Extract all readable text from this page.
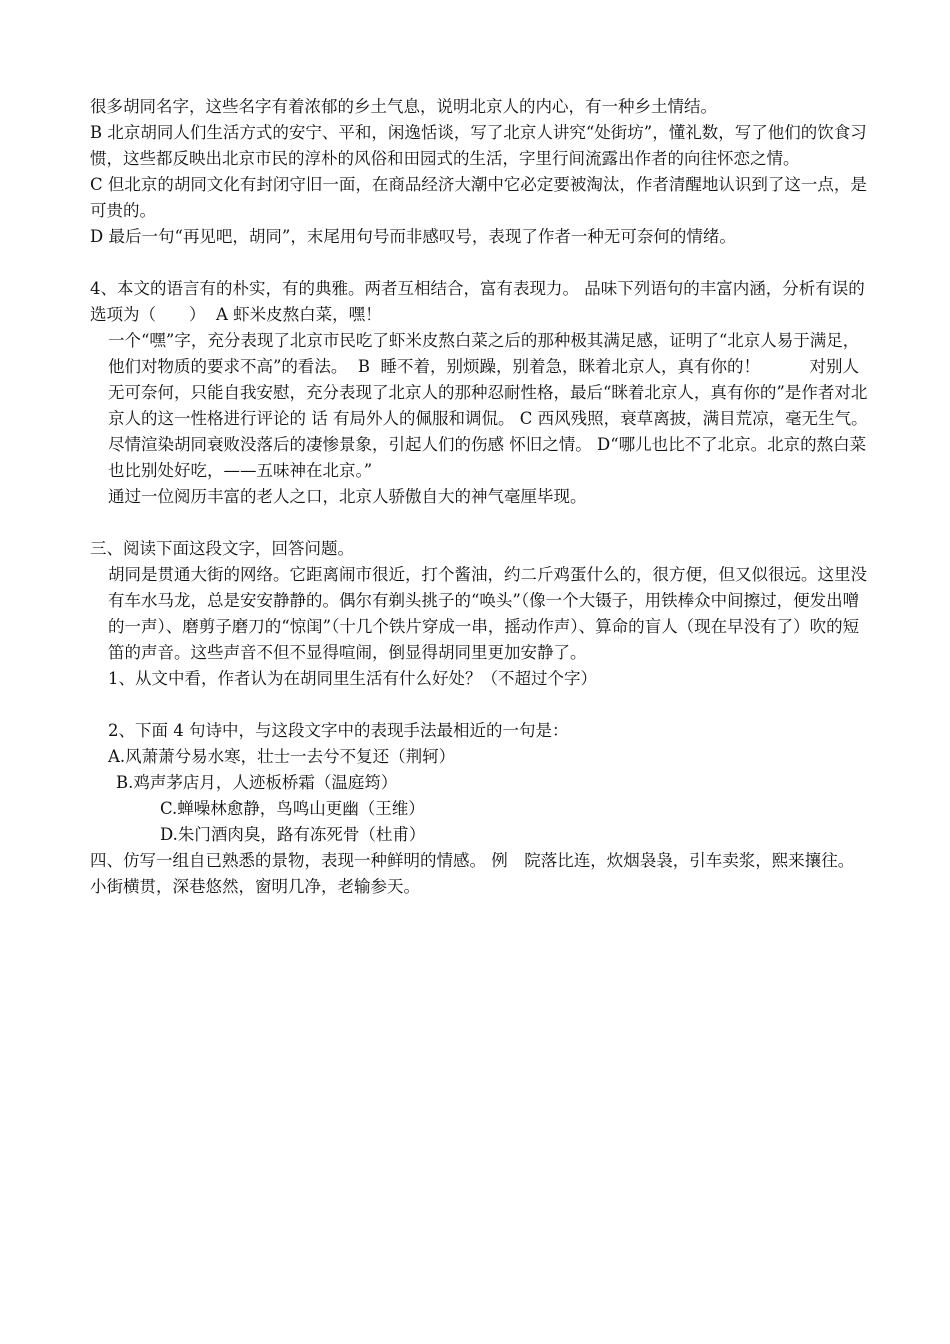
很多胡同名字，这些名字有着浓郁的乡土气息，说明北京人的内心，有一种乡土情结。

B 北京胡同人们生活方式的安宁、平和，闲逸恬谈，写了北京人讲究“处街坊”，懂礼数，写了他们的饮食习惯，这些都反映出北京市民的淳朴的风俗和田园式的生活，字里行间流露出作者的向往怀恋之情。

C 但北京的胡同文化有封闭守旧一面，在商品经济大潮中它必定要被淘汰，作者清醒地认识到了这一点，是可贵的。

D 最后一句“再见吧，胡同”，末尾用句号而非感叹号，表现了作者一种无可奈何的情绪。

4、本文的语言有的朴实，有的典雅。两者互相结合，富有表现力。 品味下列语句的丰富内涵，分析有误的选项为（　　）  A 虾米皮熬白菜，嘿！

一个“嘿”字，充分表现了北京市民吃了虾米皮熬白菜之后的那种极其满足感，证明了“北京人易于满足，他们对物质的要求不高”的看法。  B  睡不着，别烦躁，别着急，眯着北京人，真有你的！　　　对别人无可奈何，只能自我安慰，充分表现了北京人的那种忍耐性格，最后“眯着北京人，真有你的”是作者对北京人的这一性格进行评论的 话 有局外人的佩服和调侃。 C 西风残照，衰草离披，满目荒凉，毫无生气。　　　尽情渲染胡同衰败没落后的凄惨景象，引起人们的伤感 怀旧之情。 D“哪儿也比不了北京。北京的熬白菜也比别处好吃，——五味神在北京。”

通过一位阅历丰富的老人之口，北京人骄傲自大的神气毫厘毕现。

三、阅读下面这段文字，回答问题。

胡同是贯通大街的网络。它距离闹市很近，打个酱油，约二斤鸡蛋什么的，很方便，但又似很远。这里没有车水马龙，总是安安静静的。偶尔有剃头挑子的“唤头”（像一个大镊子，用铁棒众中间擦过，便发出噌的一声）、磨剪子磨刀的“惊闺”（十几个铁片穿成一串，摇动作声）、算命的盲人（现在早没有了）吹的短笛的声音。这些声音不但不显得喧闹，倒显得胡同里更加安静了。

1、从文中看，作者认为在胡同里生活有什么好处？（不超过个字）

2、下面 4 句诗中，与这段文字中的表现手法最相近的一句是：

A.风萧萧兮易水寒，壮士一去兮不复还（荆轲）

B.鸡声茅店月，人迹板桥霜（温庭筠）

C.蝉噪林愈静，鸟鸣山更幽（王维）

D.朱门酒肉臭，路有冻死骨（杜甫）

四、仿写一组自已熟悉的景物，表现一种鲜明的情感。 例　院落比连，炊烟袅袅，引车卖浆，熙来攘往。　小街横贯，深巷悠然，窗明几净，老输参天。
